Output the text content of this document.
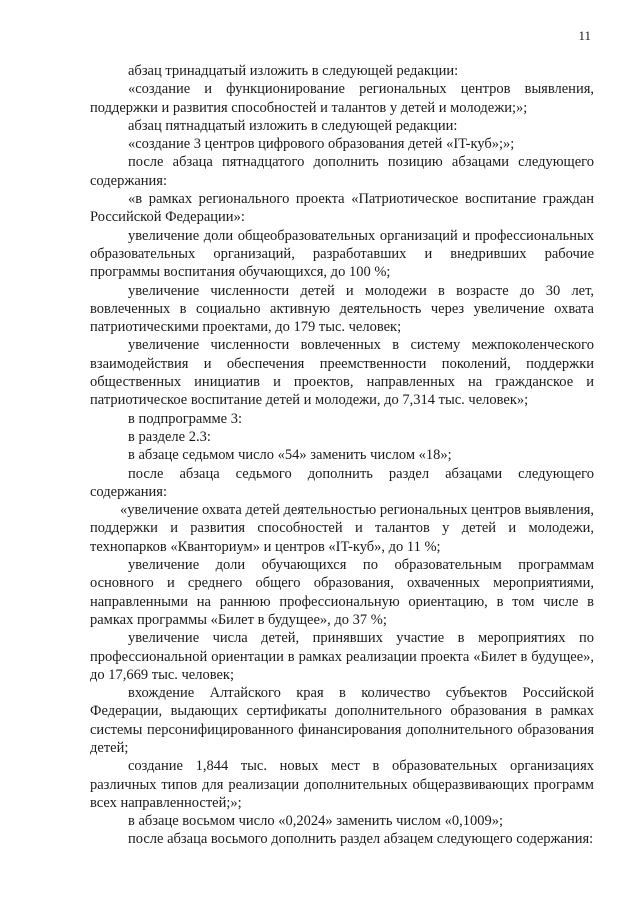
11

абзац тринадцатый изложить в следующей редакции:

«создание и функционирование региональных центров выявления, поддержки и развития способностей и талантов у детей и молодежи;»;

абзац пятнадцатый изложить в следующей редакции:

«создание 3 центров цифрового образования детей «IT-куб»;»;

после абзаца пятнадцатого дополнить позицию абзацами следующего содержания:

«в рамках регионального проекта «Патриотическое воспитание граждан Российской Федерации»:

увеличение доли общеобразовательных организаций и профессиональных образовательных организаций, разработавших и внедривших рабочие программы воспитания обучающихся, до 100 %;

увеличение численности детей и молодежи в возрасте до 30 лет, вовлеченных в социально активную деятельность через увеличение охвата патриотическими проектами, до 179 тыс. человек;

увеличение численности вовлеченных в систему межпоколенческого взаимодействия и обеспечения преемственности поколений, поддержки общественных инициатив и проектов, направленных на гражданское и патриотическое воспитание детей и молодежи, до 7,314 тыс. человек»;

в подпрограмме 3:

в разделе 2.3:

в абзаце седьмом число «54» заменить числом «18»;

после абзаца седьмого дополнить раздел абзацами следующего содержания:

«увеличение охвата детей деятельностью региональных центров выявления, поддержки и развития способностей и талантов у детей и молодежи, технопарков «Кванториум» и центров «IT-куб», до 11 %;

увеличение доли обучающихся по образовательным программам основного и среднего общего образования, охваченных мероприятиями, направленными на раннюю профессиональную ориентацию, в том числе в рамках программы «Билет в будущее», до 37 %;

увеличение числа детей, принявших участие в мероприятиях по профессиональной ориентации в рамках реализации проекта «Билет в будущее», до 17,669 тыс. человек;

вхождение Алтайского края в количество субъектов Российской Федерации, выдающих сертификаты дополнительного образования в рамках системы персонифицированного финансирования дополнительного образования детей;

создание 1,844 тыс. новых мест в образовательных организациях различных типов для реализации дополнительных общеразвивающих программ всех направленностей;»;

в абзаце восьмом число «0,2024» заменить числом «0,1009»;

после абзаца восьмого дополнить раздел абзацем следующего содержания:
